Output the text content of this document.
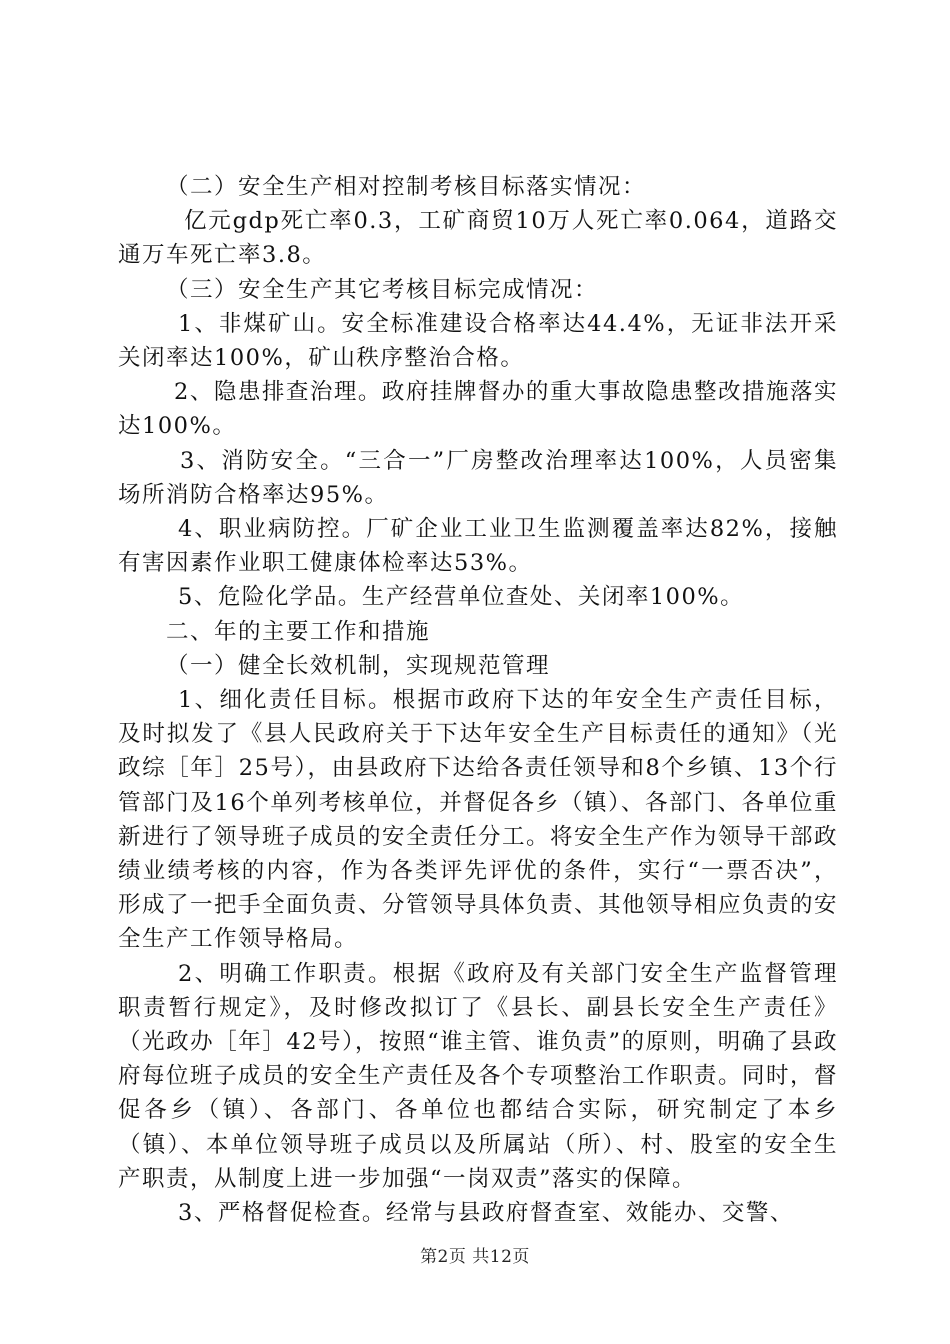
（二）安全生产相对控制考核目标落实情况：

亿元gdp死亡率0.3，工矿商贸10万人死亡率0.064，道路交通万车死亡率3.8。

（三）安全生产其它考核目标完成情况：

1、非煤矿山。安全标准建设合格率达44.4%，无证非法开采关闭率达100%，矿山秩序整治合格。

2、隐患排查治理。政府挂牌督办的重大事故隐患整改措施落实达100%。

3、消防安全。“三合一”厂房整改治理率达100%，人员密集场所消防合格率达95%。

4、职业病防控。厂矿企业工业卫生监测覆盖率达82%，接触有害因素作业职工健康体检率达53%。

5、危险化学品。生产经营单位查处、关闭率100%。

二、年的主要工作和措施

（一）健全长效机制，实现规范管理

1、细化责任目标。根据市政府下达的年安全生产责任目标，及时拟发了《县人民政府关于下达年安全生产目标责任的通知》（光政综［年］25号），由县政府下达给各责任领导和8个乡镇、13个行管部门及16个单列考核单位，并督促各乡（镇）、各部门、各单位重新进行了领导班子成员的安全责任分工。将安全生产作为领导干部政绩业绩考核的内容，作为各类评先评优的条件，实行“一票否决”，形成了一把手全面负责、分管领导具体负责、其他领导相应负责的安全生产工作领导格局。

2、明确工作职责。根据《政府及有关部门安全生产监督管理职责暂行规定》，及时修改拟订了《县长、副县长安全生产责任》（光政办［年］42号），按照“谁主管、谁负责”的原则，明确了县政府每位班子成员的安全生产责任及各个专项整治工作职责。同时，督促各乡（镇）、各部门、各单位也都结合实际，研究制定了本乡（镇）、本单位领导班子成员以及所属站（所）、村、股室的安全生产职责，从制度上进一步加强“一岗双责”落实的保障。

3、严格督促检查。经常与县政府督查室、效能办、交警、

第2页 共12页
